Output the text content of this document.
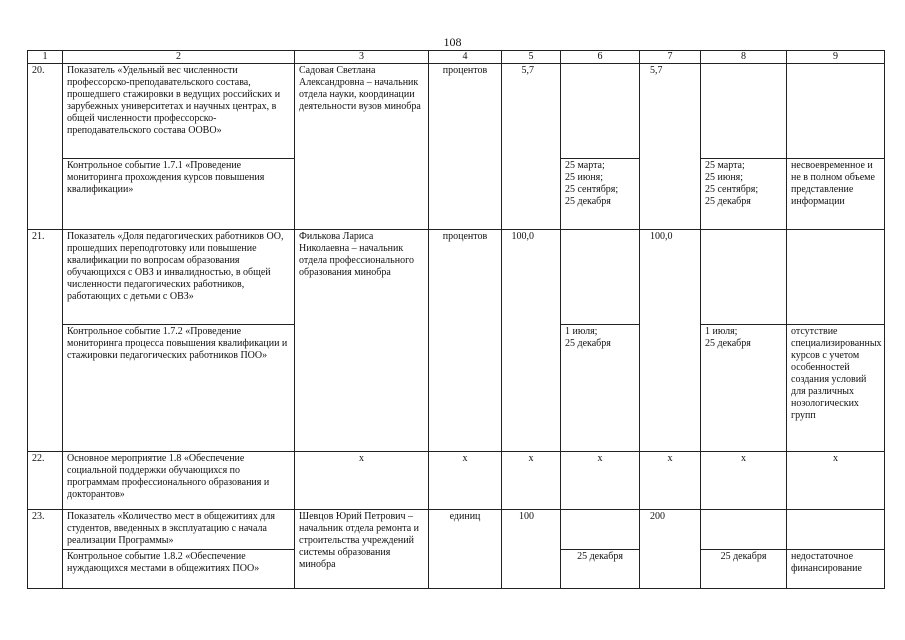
108
1	2	3	4	5	6	7	8	9
20.	Показатель «Удельный вес численности профессорско-преподавательского состава, прошедшего стажировки в ведущих российских и зарубежных университетах и научных центрах, в общей численности профессорско-преподавательского состава ООВО»	Садовая Светлана Александровна – начальник отдела науки, координации деятельности вузов минобра	процентов	5,7		5,7		
	Контрольное событие 1.7.1 «Проведение мониторинга прохождения курсов повышения квалификации»				25 марта;
25 июня;
25 сентября;
25 декабря		25 марта;
25 июня;
25 сентября;
25 декабря	несвоевременное и не в полном объеме представление информации
21.	Показатель «Доля педагогических работников ОО, прошедших переподготовку или повышение квалификации по вопросам образования обучающихся с ОВЗ и инвалидностью, в общей численности педагогических работников, работающих с детьми с ОВЗ»	Филькова Лариса Николаевна – начальник отдела профессионального образования минобра	процентов	100,0		100,0		
	Контрольное событие 1.7.2 «Проведение мониторинга процесса повышения квалификации и стажировки педагогических работников ПОО»				1 июля;
25 декабря		1 июля;
25 декабря	отсутствие специализированных курсов с учетом особенностей создания условий для различных нозологических групп
22.	Основное мероприятие 1.8 «Обеспечение социальной поддержки обучающихся по программам профессионального образования и докторантов»	х	х	х	х	х	х	х
23.	Показатель «Количество мест в общежитиях для студентов, введенных в эксплуатацию с начала реализации Программы»	Шевцов Юрий Петрович – начальник отдела ремонта и строительства учреждений системы образования минобра	единиц	100		200		
	Контрольное событие 1.8.2 «Обеспечение нуждающихся местами в общежитиях ПОО»				25 декабря		25 декабря	недостаточное финансирование
